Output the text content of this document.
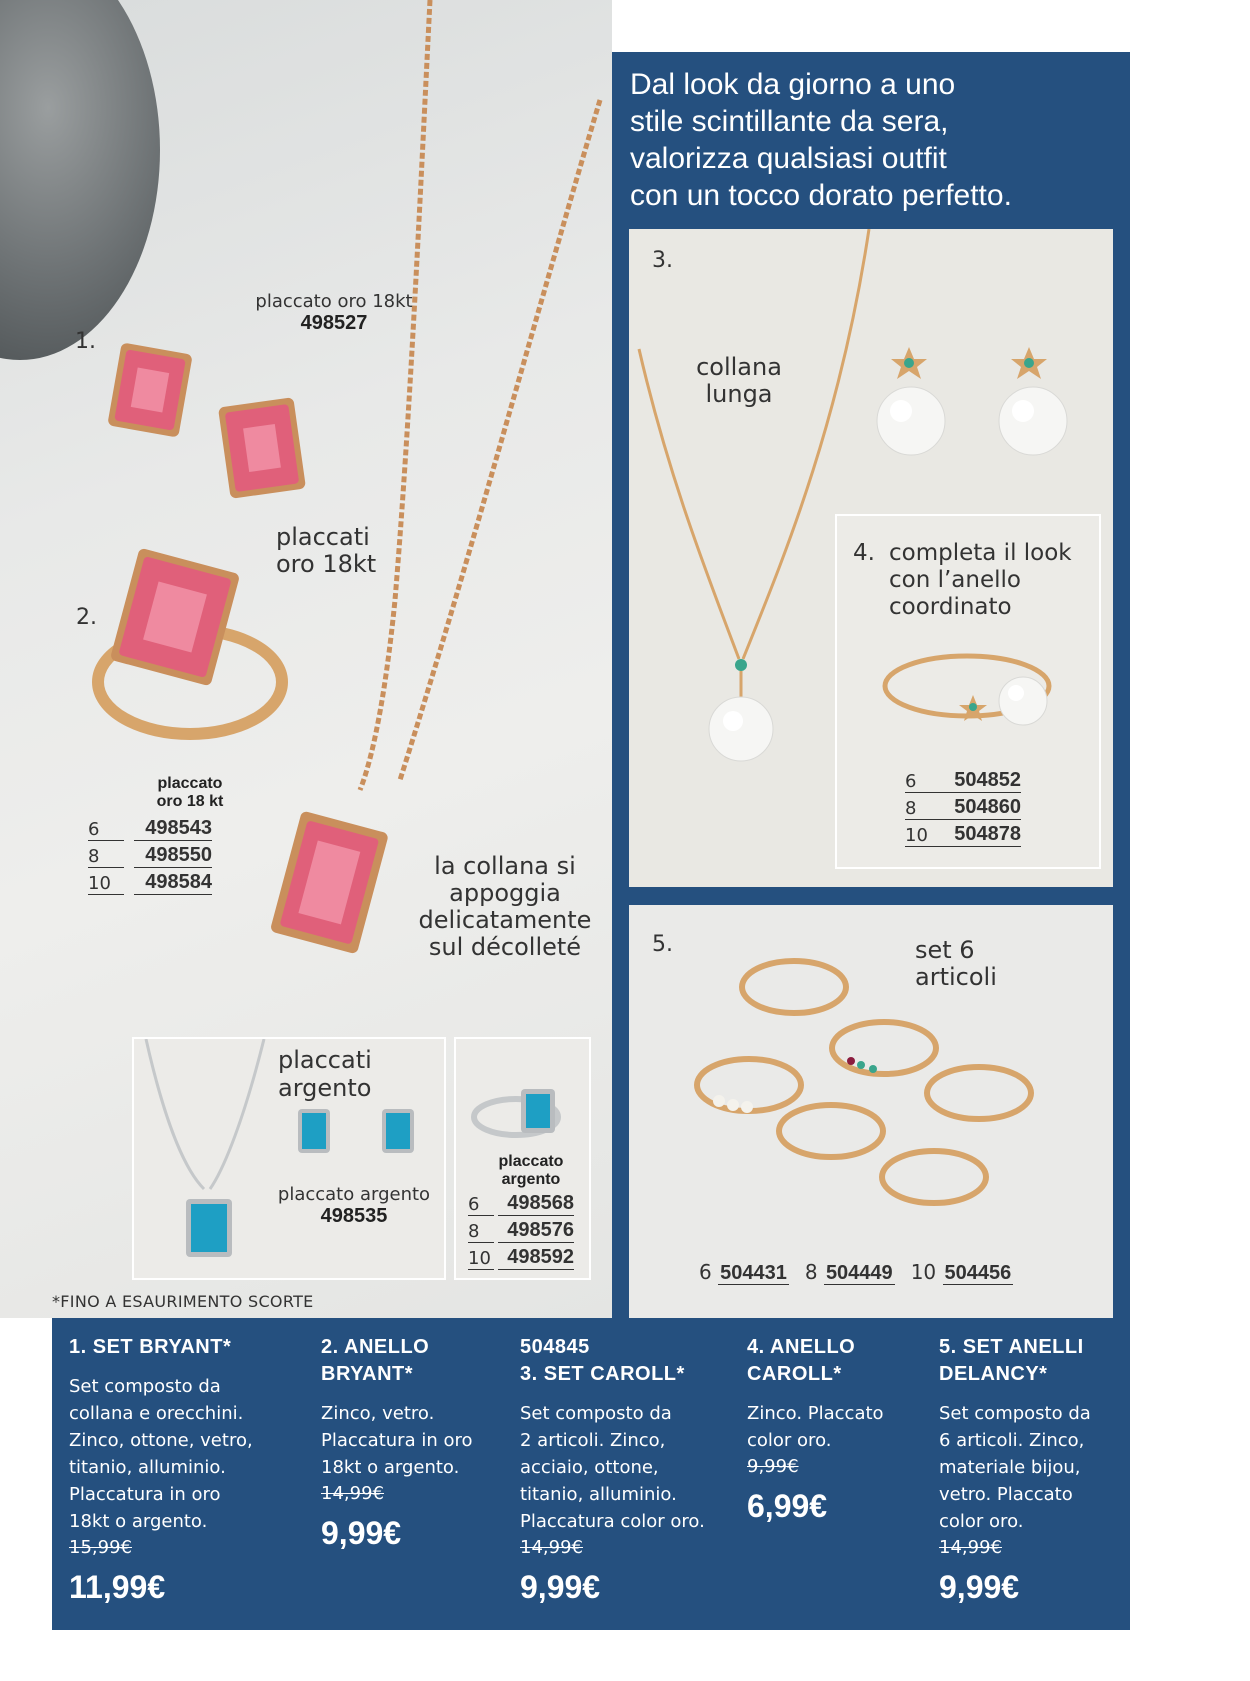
1.
placcato oro 18kt
498527
placcati
oro 18kt
2.
placcato
oro 18 kt
6	498543
8	498550
10	498584
la collana si
appoggia
delicatamente
sul décolleté
placcati
argento
placcato argento
498535
placcato
argento
6	498568
8	498576
10 498592
*FINO A ESAURIMENTO SCORTE
Dal look da giorno a uno
stile scintillante da sera,
valorizza qualsiasi outfit
con un tocco dorato perfetto.
3.
collana
lunga
4. completa il look
con l’anello
coordinato
6	504852
8	504860
10	504878
5.	set 6
articoli
6 504431 8 504449 10 504456
1. SET BRYANT*
Set composto da
collana e orecchini.
Zinco, ottone, vetro,
titanio, alluminio.
Placcatura in oro
18kt o argento.
15,99€
11,99€
2. ANELLO
BRYANT*
Zinco, vetro.
Placcatura in oro
18kt o argento.
14,99€
9,99€
504845
3. SET CAROLL*
Set composto da
2 articoli. Zinco,
acciaio, ottone,
titanio, alluminio.
Placcatura color oro.
14,99€
9,99€
4. ANELLO
CAROLL*
Zinco. Placcato
color oro.
9,99€
6,99€
5. SET ANELLI
DELANCY*
Set composto da
6 articoli. Zinco,
materiale bijou,
vetro. Placcato
color oro.
14,99€
9,99€
